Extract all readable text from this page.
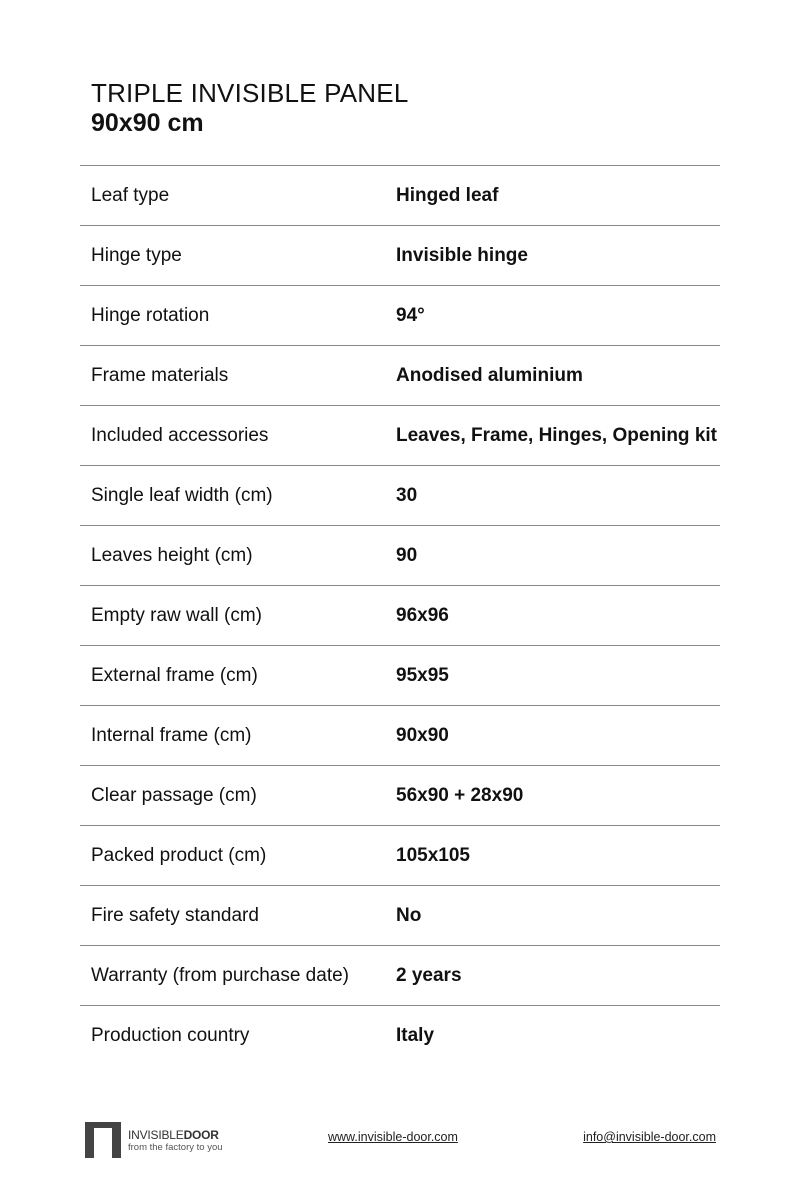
TRIPLE INVISIBLE PANEL
90x90 cm
Leaf type	Hinged leaf
Hinge type	Invisible hinge
Hinge rotation	94°
Frame materials	Anodised aluminium
Included accessories	Leaves, Frame, Hinges, Opening kit
Single leaf width (cm)	30
Leaves height (cm)	90
Empty raw wall (cm)	96x96
External frame (cm)	95x95
Internal frame (cm)	90x90
Clear passage (cm)	56x90 + 28x90
Packed product (cm)	105x105
Fire safety standard	No
Warranty (from purchase date)	2 years
Production country	Italy
INVISIBLEDOOR
from the factory to you
www.invisible-door.com	info@invisible-door.com
